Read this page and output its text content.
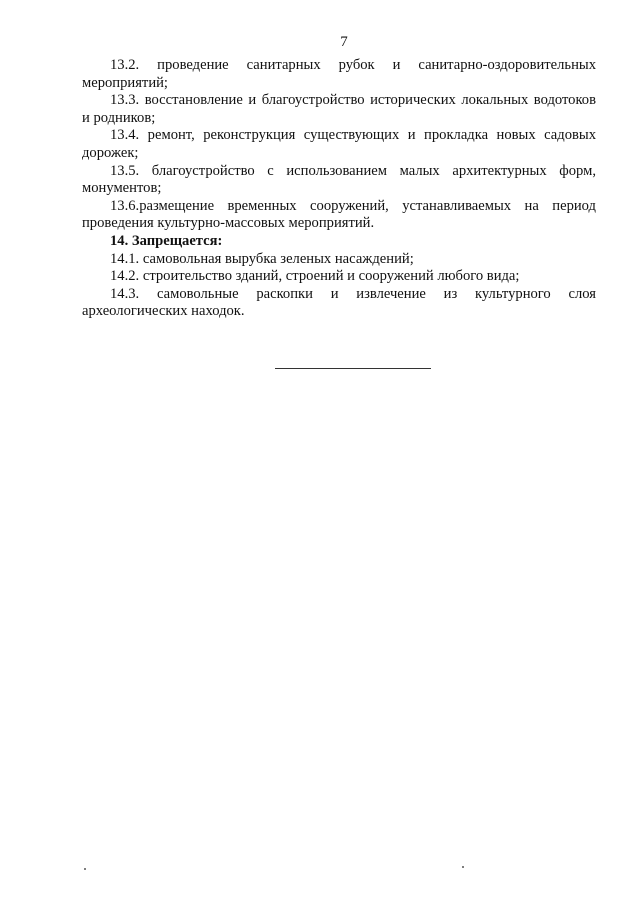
7

13.2. проведение санитарных рубок и санитарно-оздоровительных мероприятий;

13.3. восстановление и благоустройство исторических локальных водотоков и родников;

13.4. ремонт, реконструкция существующих и прокладка новых садовых дорожек;

13.5. благоустройство с использованием малых архитектурных форм, монументов;

13.6.размещение временных сооружений, устанавливаемых на период проведения культурно-массовых мероприятий.

14. Запрещается:

14.1. самовольная вырубка зеленых насаждений;

14.2. строительство зданий, строений и сооружений любого вида;

14.3. самовольные раскопки и извлечение из культурного слоя археологических находок.
